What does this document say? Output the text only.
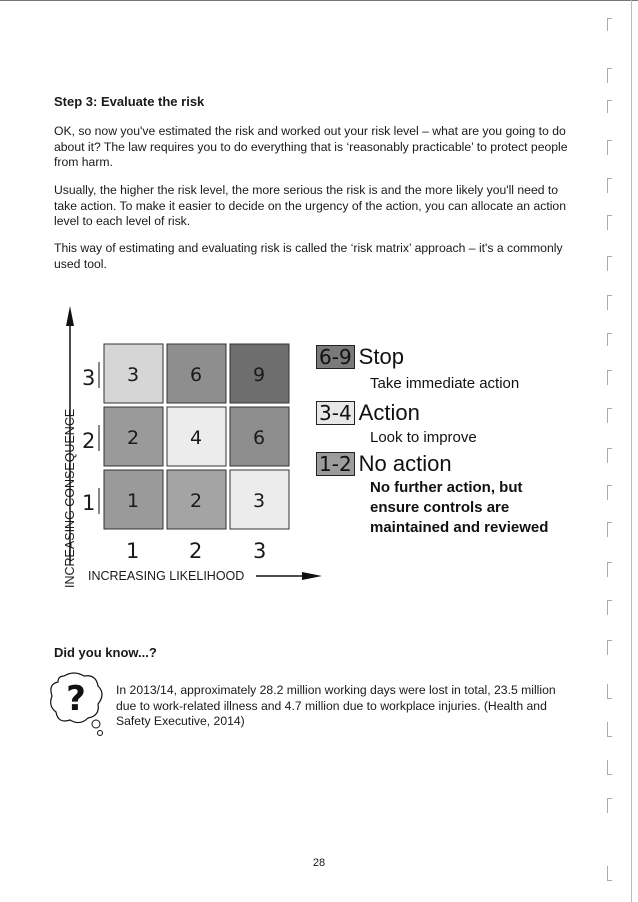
Step 3: Evaluate the risk

OK, so now you've estimated the risk and worked out your risk level – what are you going to do about it? The law requires you to do everything that is ‘reasonably practicable’ to protect people from harm.

Usually, the higher the risk level, the more serious the risk is and the more likely you'll need to take action. To make it easier to decide on the urgency of the action, you can allocate an action level to each level of risk.

This way of estimating and evaluating risk is called the ‘risk matrix’ approach – it's a commonly used tool.

INCREASING CONSEQUENCE INCREASING LIKELIHOOD
3
2
1
1 2 3
3	6	9
2	4	6
1	2	3
6-9 Stop
Take immediate action
3-4 Action
Look to improve
1-2 No action
No further action, but
ensure controls are
maintained and reviewed
Did you know...?
? In 2013/14, approximately 28.2 million working days were lost in total, 23.5 million due to work-related illness and 4.7 million due to workplace injuries. (Health and Safety Executive, 2014)

28
